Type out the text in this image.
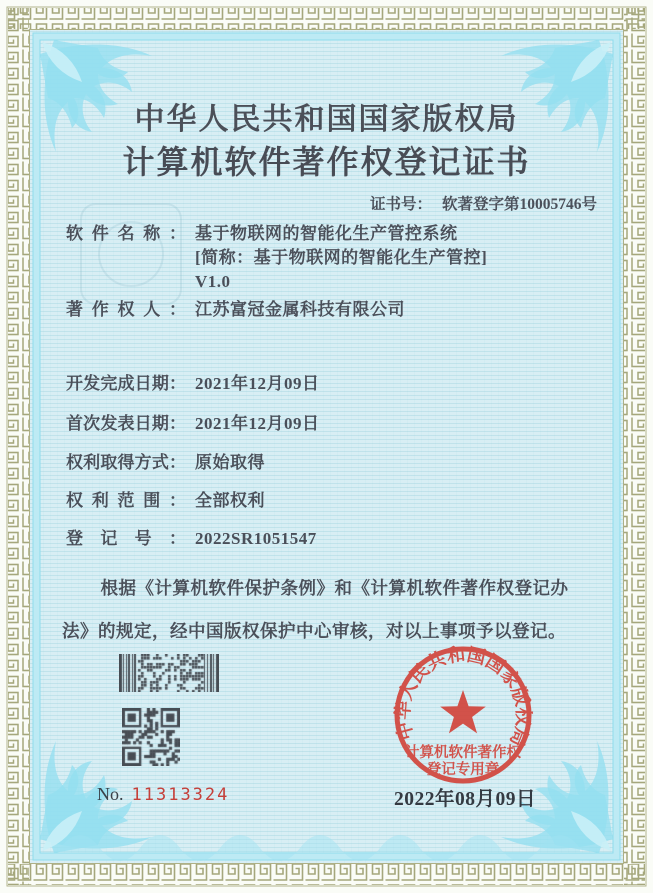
中华人民共和国国家版权局
计算机软件著作权登记证书
证书号： 软著登字第10005746号
软件名称： 基于物联网的智能化生产管控系统
[简称：基于物联网的智能化生产管控]
V1.0
著作权人： 江苏富冠金属科技有限公司
开发完成日期： 2021年12月09日
首次发表日期： 2021年12月09日
权利取得方式： 原始取得
权利范围： 全部权利
登记号： 2022SR1051547

根据《计算机软件保护条例》和《计算机软件著作权登记办法》的规定，经中国版权保护中心审核，对以上事项予以登记。

No. 11313324
中华人民共和国国家版权局
计算机软件著作权
登记专用章
2022年08月09日
